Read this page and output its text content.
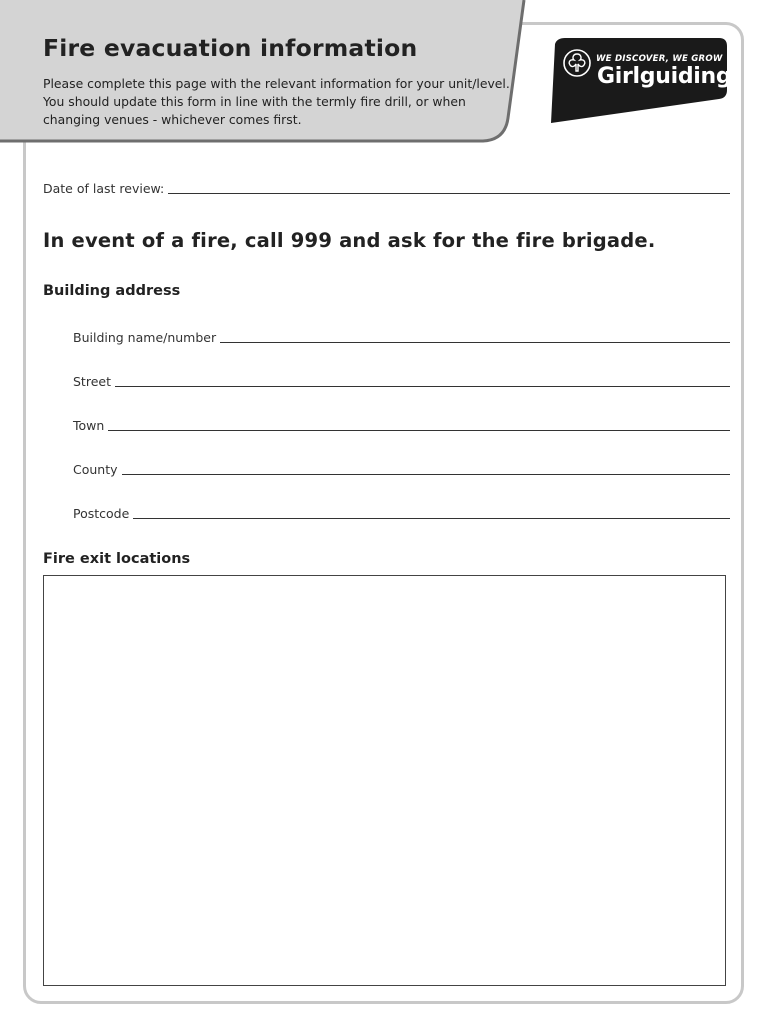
Fire evacuation information

Please complete this page with the relevant information for your unit/level. You should update this form in line with the termly fire drill, or when changing venues - whichever comes first.

WE DISCOVER, WE GROW
Girlguiding
Date of last review:
In event of a fire, call 999 and ask for the fire brigade.
Building address
Building name/number
Street
Town
County
Postcode
Fire exit locations
